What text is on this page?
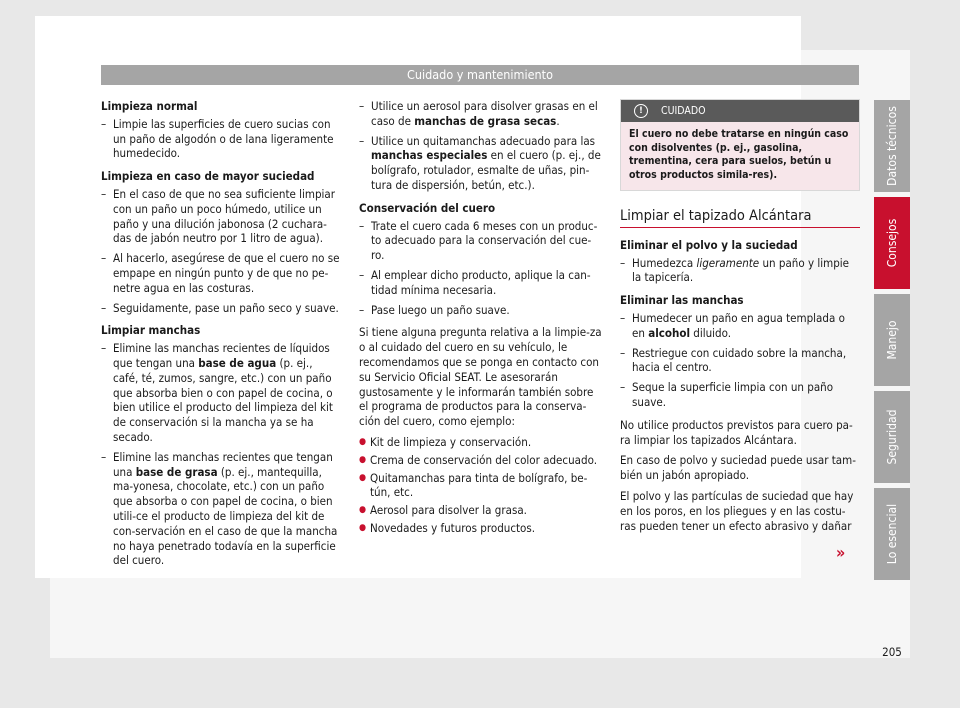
Cuidado y mantenimiento

Limpieza normal

– Limpie las superficies de cuero sucias con un paño de algodón o de lana ligeramente humedecido.

Limpieza en caso de mayor suciedad

– En el caso de que no sea suficiente limpiar con un paño un poco húmedo, utilice un paño y una dilución jabonosa (2 cuchara-das de jabón neutro por 1 litro de agua).
– Al hacerlo, asegúrese de que el cuero no se empape en ningún punto y de que no pe-netre agua en las costuras.
– Seguidamente, pase un paño seco y suave.

Limpiar manchas

– Elimine las manchas recientes de líquidos que tengan una base de agua (p. ej., café, té, zumos, sangre, etc.) con un paño que absorba bien o con papel de cocina, o bien utilice el producto del limpieza del kit de conservación si la mancha ya se ha secado.
– Elimine las manchas recientes que tengan una base de grasa (p. ej., mantequilla, ma-yonesa, chocolate, etc.) con un paño que absorba o con papel de cocina, o bien utili-ce el producto de limpieza del kit de con-servación en el caso de que la mancha no haya penetrado todavía en la superficie del cuero.
– Utilice un aerosol para disolver grasas en el caso de manchas de grasa secas.
– Utilice un quitamanchas adecuado para las manchas especiales en el cuero (p. ej., de bolígrafo, rotulador, esmalte de uñas, pin-tura de dispersión, betún, etc.).

Conservación del cuero

– Trate el cuero cada 6 meses con un produc-to adecuado para la conservación del cue-ro.
– Al emplear dicho producto, aplique la can-tidad mínima necesaria.
– Pase luego un paño suave.

Si tiene alguna pregunta relativa a la limpie-za o al cuidado del cuero en su vehículo, le recomendamos que se ponga en contacto con su Servicio Oficial SEAT. Le asesorarán gustosamente y le informarán también sobre el programa de productos para la conserva-ción del cuero, como ejemplo:

● Kit de limpieza y conservación.
● Crema de conservación del color adecuado.
● Quitamanchas para tinta de bolígrafo, be-tún, etc.
● Aerosol para disolver la grasa.
● Novedades y futuros productos.
!	CUIDADO
El cuero no debe tratarse en ningún caso con disolventes (p. ej., gasolina, trementina, cera para suelos, betún u otros productos simila-res).
Limpiar el tapizado Alcántara

Eliminar el polvo y la suciedad

– Humedezca ligeramente un paño y limpie la tapicería.

Eliminar las manchas

– Humedecer un paño en agua templada o en alcohol diluido.
– Restriegue con cuidado sobre la mancha, hacia el centro.
– Seque la superficie limpia con un paño suave.

No utilice productos previstos para cuero pa-ra limpiar los tapizados Alcántara.

En caso de polvo y suciedad puede usar tam-bién un jabón apropiado.

El polvo y las partículas de suciedad que hay en los poros, en los pliegues y en las costu-ras pueden tener un efecto abrasivo y dañar

»
Datos técnicos
Consejos
Manejo
Seguridad
Lo esencial
205
